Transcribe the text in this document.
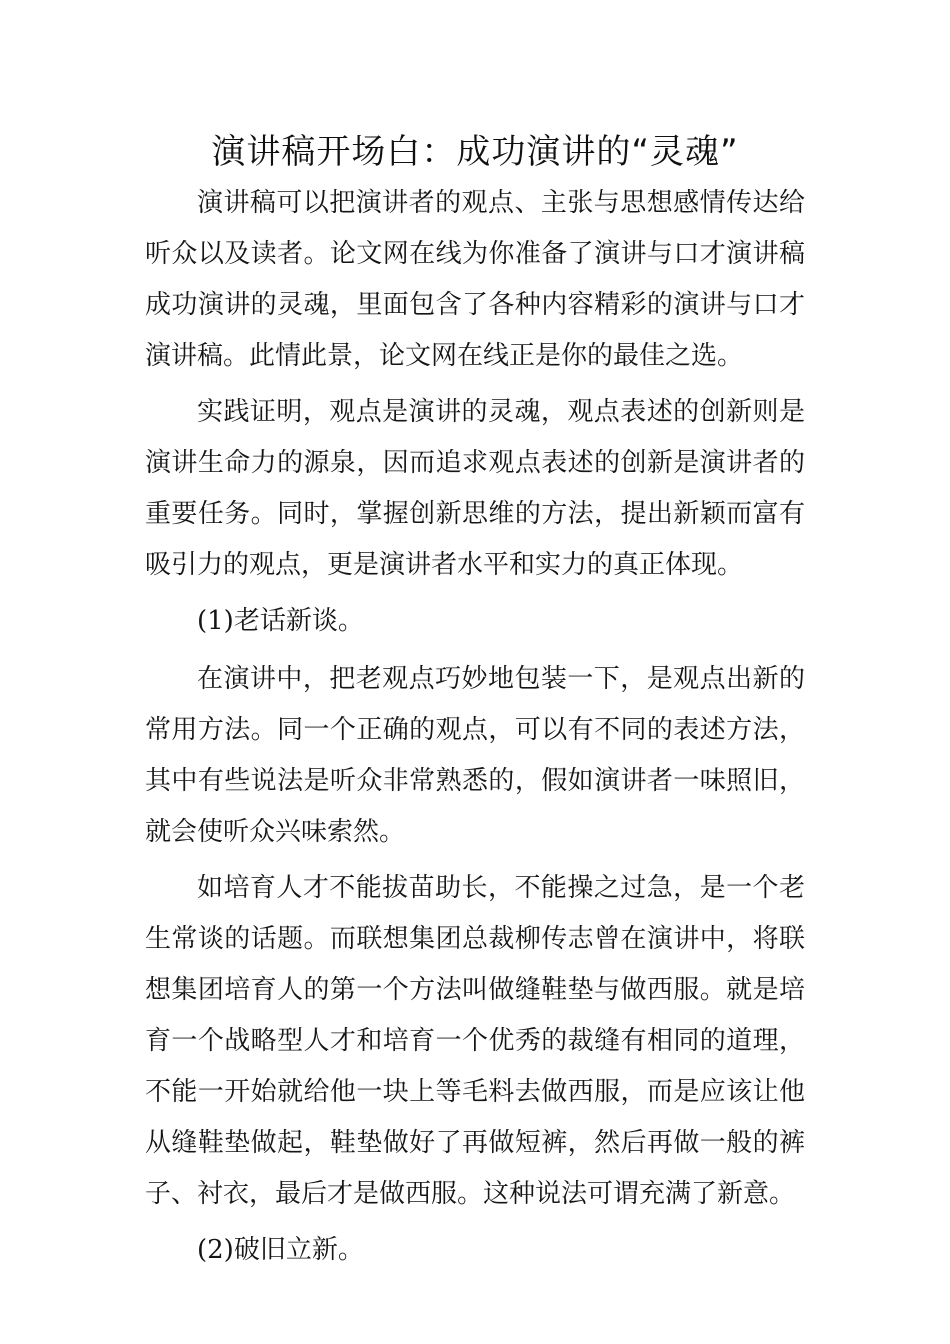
演讲稿开场白：成功演讲的“灵魂”

演讲稿可以把演讲者的观点、主张与思想感情传达给听众以及读者。论文网在线为你准备了演讲与口才演讲稿成功演讲的灵魂，里面包含了各种内容精彩的演讲与口才演讲稿。此情此景，论文网在线正是你的最佳之选。

实践证明，观点是演讲的灵魂，观点表述的创新则是演讲生命力的源泉，因而追求观点表述的创新是演讲者的重要任务。同时，掌握创新思维的方法，提出新颖而富有吸引力的观点，更是演讲者水平和实力的真正体现。

(1)老话新谈。

在演讲中，把老观点巧妙地包装一下，是观点出新的常用方法。同一个正确的观点，可以有不同的表述方法，其中有些说法是听众非常熟悉的，假如演讲者一味照旧，就会使听众兴味索然。

如培育人才不能拔苗助长，不能操之过急，是一个老生常谈的话题。而联想集团总裁柳传志曾在演讲中，将联想集团培育人的第一个方法叫做缝鞋垫与做西服。就是培育一个战略型人才和培育一个优秀的裁缝有相同的道理，不能一开始就给他一块上等毛料去做西服，而是应该让他从缝鞋垫做起，鞋垫做好了再做短裤，然后再做一般的裤子、衬衣，最后才是做西服。这种说法可谓充满了新意。

(2)破旧立新。
